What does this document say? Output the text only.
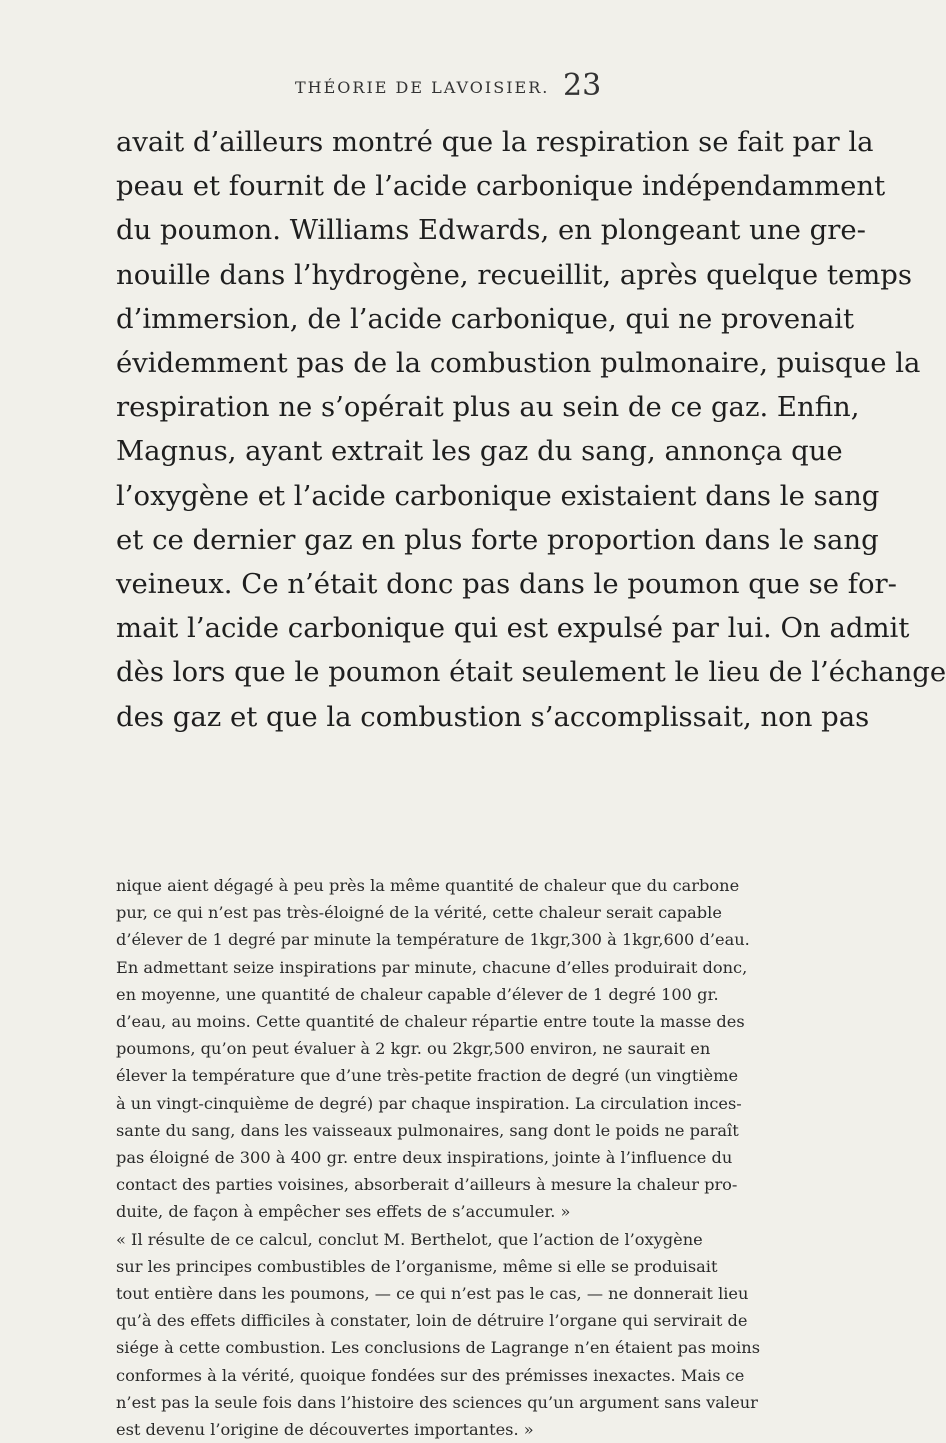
THÉORIE DE LAVOISIER. 23
avait d’ailleurs montré que la respiration se fait par la
peau et fournit de l’acide carbonique indépendamment
du poumon. Williams Edwards, en plongeant une gre-
nouille dans l’hydrogène, recueillit, après quelque temps
d’immersion, de l’acide carbonique, qui ne provenait
évidemment pas de la combustion pulmonaire, puisque la
respiration ne s’opérait plus au sein de ce gaz. Enfin,
Magnus, ayant extrait les gaz du sang, annonça que
l’oxygène et l’acide carbonique existaient dans le sang
et ce dernier gaz en plus forte proportion dans le sang
veineux. Ce n’était donc pas dans le poumon que se for-
mait l’acide carbonique qui est expulsé par lui. On admit
dès lors que le poumon était seulement le lieu de l’échange
des gaz et que la combustion s’accomplissait, non pas
nique aient dégagé à peu près la même quantité de chaleur que du carbone
pur, ce qui n’est pas très-éloigné de la vérité, cette chaleur serait capable
d’élever de 1 degré par minute la température de 1kgr,300 à 1kgr,600 d’eau.
En admettant seize inspirations par minute, chacune d’elles produirait donc,
en moyenne, une quantité de chaleur capable d’élever de 1 degré 100 gr.
d’eau, au moins. Cette quantité de chaleur répartie entre toute la masse des
poumons, qu’on peut évaluer à 2 kgr. ou 2kgr,500 environ, ne saurait en
élever la température que d’une très-petite fraction de degré (un vingtième
à un vingt-cinquième de degré) par chaque inspiration. La circulation inces-
sante du sang, dans les vaisseaux pulmonaires, sang dont le poids ne paraît
pas éloigné de 300 à 400 gr. entre deux inspirations, jointe à l’influence du
contact des parties voisines, absorberait d’ailleurs à mesure la chaleur pro-
duite, de façon à empêcher ses effets de s’accumuler. »
« Il résulte de ce calcul, conclut M. Berthelot, que l’action de l’oxygène
sur les principes combustibles de l’organisme, même si elle se produisait
tout entière dans les poumons, — ce qui n’est pas le cas, — ne donnerait lieu
qu’à des effets difficiles à constater, loin de détruire l’organe qui servirait de
siége à cette combustion. Les conclusions de Lagrange n’en étaient pas moins
conformes à la vérité, quoique fondées sur des prémisses inexactes. Mais ce
n’est pas la seule fois dans l’histoire des sciences qu’un argument sans valeur
est devenu l’origine de découvertes importantes. »
